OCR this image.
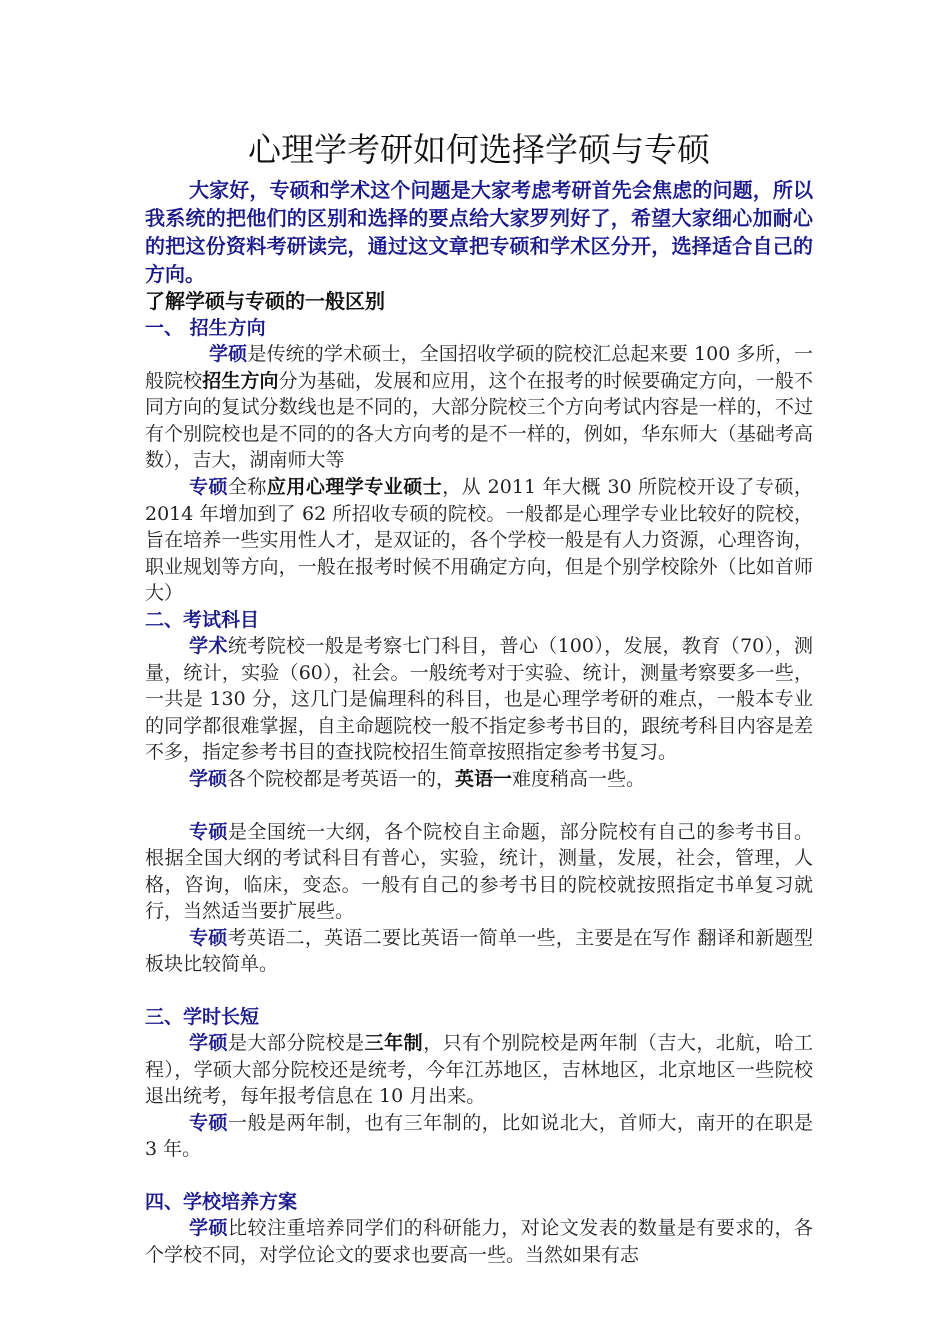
心理学考研如何选择学硕与专硕

大家好，专硕和学术这个问题是大家考虑考研首先会焦虑的问题，所以我系统的把他们的区别和选择的要点给大家罗列好了，希望大家细心加耐心的把这份资料考研读完，通过这文章把专硕和学术区分开，选择适合自己的方向。

了解学硕与专硕的一般区别
一、 招生方向

学硕是传统的学术硕士，全国招收学硕的院校汇总起来要 100 多所，一般院校招生方向分为基础，发展和应用，这个在报考的时候要确定方向，一般不同方向的复试分数线也是不同的，大部分院校三个方向考试内容是一样的，不过有个别院校也是不同的的各大方向考的是不一样的，例如，华东师大（基础考高数），吉大，湖南师大等

专硕全称应用心理学专业硕士，从 2011 年大概 30 所院校开设了专硕，2014 年增加到了 62 所招收专硕的院校。一般都是心理学专业比较好的院校，旨在培养一些实用性人才，是双证的，各个学校一般是有人力资源，心理咨询，职业规划等方向，一般在报考时候不用确定方向，但是个别学校除外（比如首师大）

二、考试科目

学术统考院校一般是考察七门科目，普心（100），发展，教育（70），测量，统计，实验（60），社会。一般统考对于实验、统计，测量考察要多一些，一共是 130 分，这几门是偏理科的科目，也是心理学考研的难点，一般本专业的同学都很难掌握，自主命题院校一般不指定参考书目的，跟统考科目内容是差不多，指定参考书目的查找院校招生简章按照指定参考书复习。

学硕各个院校都是考英语一的，英语一难度稍高一些。

专硕是全国统一大纲，各个院校自主命题，部分院校有自己的参考书目。根据全国大纲的考试科目有普心，实验，统计，测量，发展，社会，管理，人格，咨询，临床，变态。一般有自己的参考书目的院校就按照指定书单复习就行，当然适当要扩展些。

专硕考英语二，英语二要比英语一简单一些，主要是在写作 翻译和新题型板块比较简单。

三、学时长短

学硕是大部分院校是三年制，只有个别院校是两年制（吉大，北航，哈工程），学硕大部分院校还是统考，今年江苏地区，吉林地区，北京地区一些院校退出统考，每年报考信息在 10 月出来。

专硕一般是两年制，也有三年制的，比如说北大，首师大，南开的在职是 3 年。

四、学校培养方案

学硕比较注重培养同学们的科研能力，对论文发表的数量是有要求的，各个学校不同，对学位论文的要求也要高一些。当然如果有志
